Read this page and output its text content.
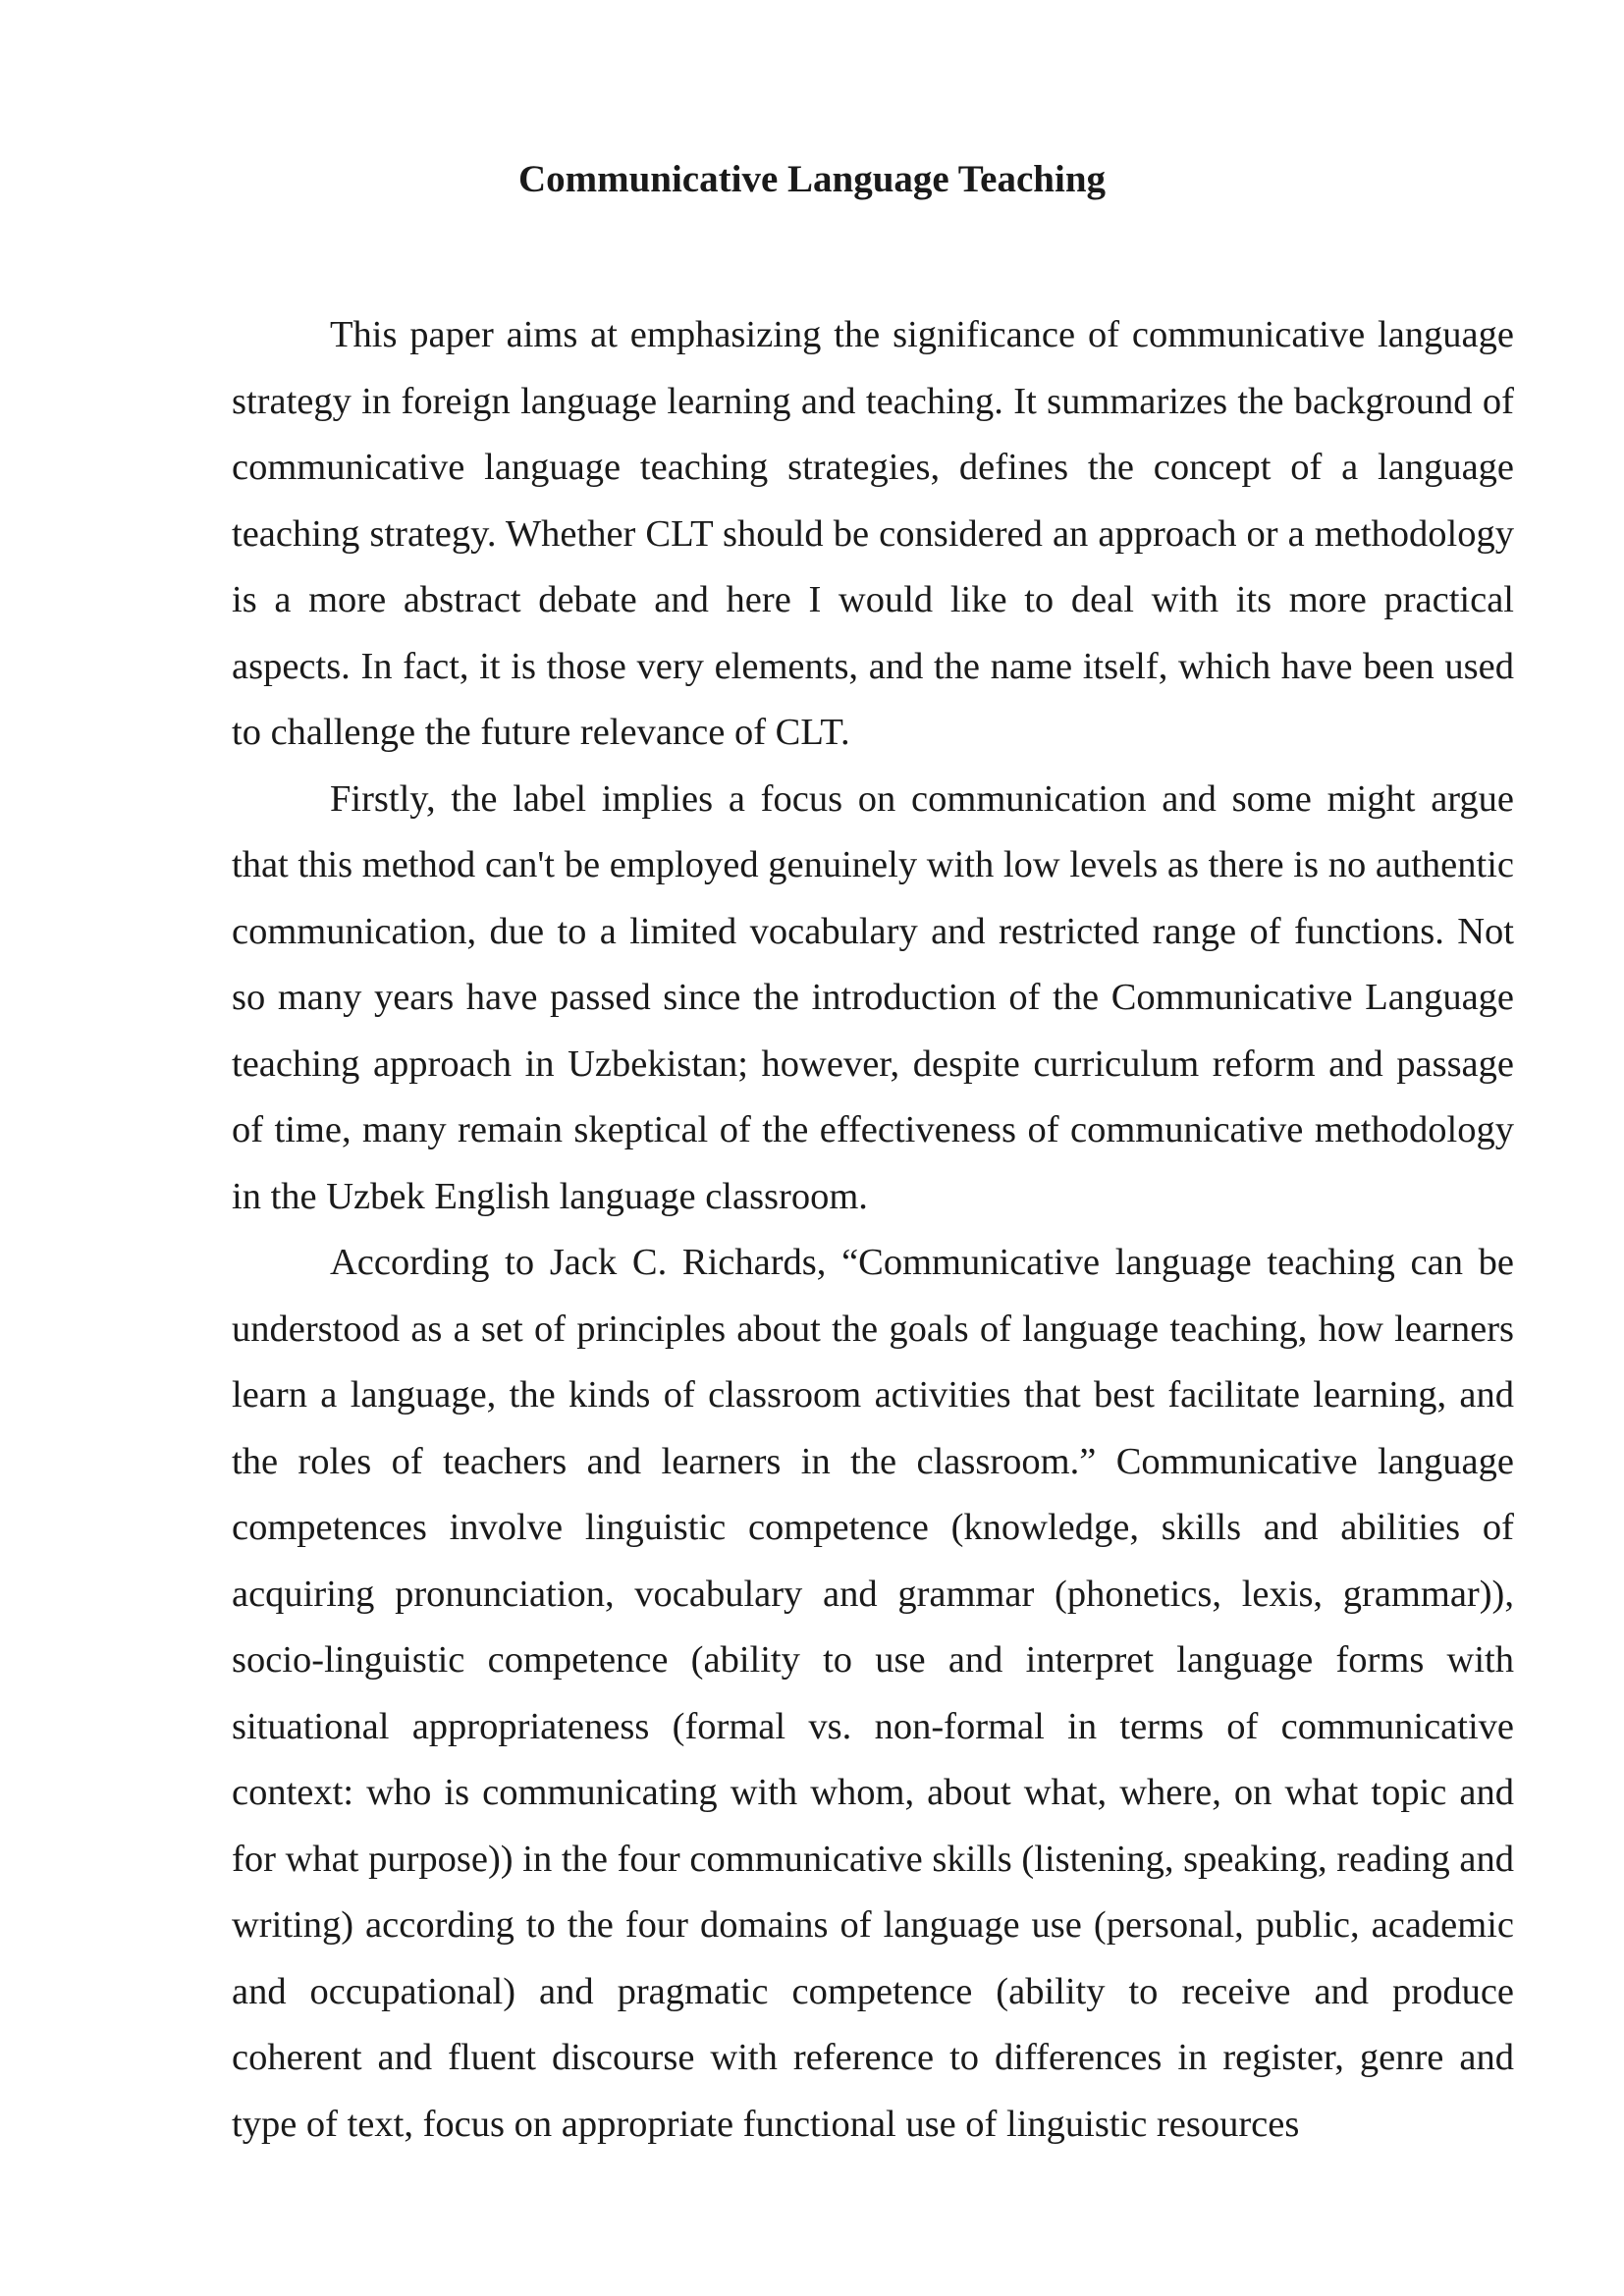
Communicative Language Teaching

This paper aims at emphasizing the significance of communicative language strategy in foreign language learning and teaching. It summarizes the background of communicative language teaching strategies, defines the concept of a language teaching strategy. Whether CLT should be considered an approach or a methodology is a more abstract debate and here I would like to deal with its more practical aspects. In fact, it is those very elements, and the name itself, which have been used to challenge the future relevance of CLT.

Firstly, the label implies a focus on communication and some might argue that this method can't be employed genuinely with low levels as there is no authentic communication, due to a limited vocabulary and restricted range of functions. Not so many years have passed since the introduction of the Communicative Language teaching approach in Uzbekistan; however, despite curriculum reform and passage of time, many remain skeptical of the effectiveness of communicative methodology in the Uzbek English language classroom.

According to Jack C. Richards, “Communicative language teaching can be understood as a set of principles about the goals of language teaching, how learners learn a language, the kinds of classroom activities that best facilitate learning, and the roles of teachers and learners in the classroom.” Communicative language competences involve linguistic competence (knowledge, skills and abilities of acquiring pronunciation, vocabulary and grammar (phonetics, lexis, grammar)), socio-linguistic competence (ability to use and interpret language forms with situational appropriateness (formal vs. non-formal in terms of communicative context: who is communicating with whom, about what, where, on what topic and for what purpose)) in the four communicative skills (listening, speaking, reading and writing) according to the four domains of language use (personal, public, academic and occupational) and pragmatic competence (ability to receive and produce coherent and fluent discourse with reference to differences in register, genre and type of text, focus on appropriate functional use of linguistic resources
